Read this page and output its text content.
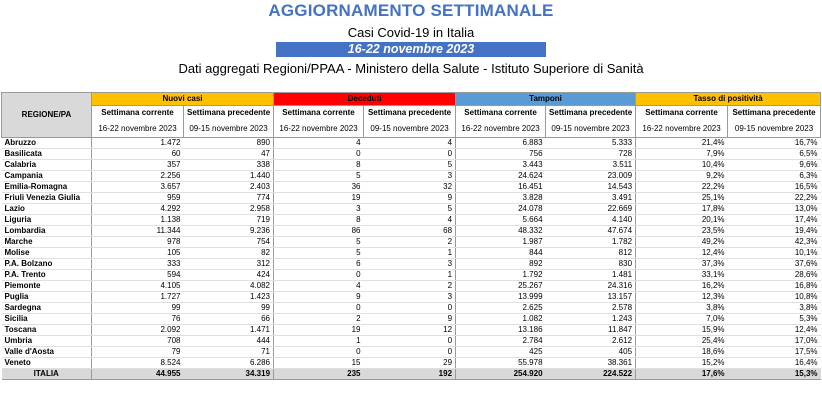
AGGIORNAMENTO SETTIMANALE
Casi Covid-19 in Italia
16-22 novembre 2023
Dati aggregati Regioni/PPAA - Ministero della Salute - Istituto Superiore di Sanità
REGIONE/PA	Nuovi casi		Deceduti		Tamponi		Tasso di positività	
	Settimana corrente	Settimana precedente	Settimana corrente	Settimana precedente	Settimana corrente	Settimana precedente	Settimana corrente	Settimana precedente
	16-22 novembre 2023	09-15 novembre 2023	16-22 novembre 2023	09-15 novembre 2023	16-22 novembre 2023	09-15 novembre 2023	16-22 novembre 2023	09-15 novembre 2023
Abruzzo	1.472	890	4	4	6.883	5.333	21,4%	16,7%
Basilicata	60	47	0	0	756	728	7,9%	6,5%
Calabria	357	338	8	5	3.443	3.511	10,4%	9,6%
Campania	2.256	1.440	5	3	24.624	23.009	9,2%	6,3%
Emilia-Romagna	3.657	2.403	36	32	16.451	14.543	22,2%	16,5%
Friuli Venezia Giulia	959	774	19	9	3.828	3.491	25,1%	22,2%
Lazio	4.292	2.958	3	5	24.078	22.669	17,8%	13,0%
Liguria	1.138	719	8	4	5.664	4.140	20,1%	17,4%
Lombardia	11.344	9.236	86	68	48.332	47.674	23,5%	19,4%
Marche	978	754	5	2	1.987	1.782	49,2%	42,3%
Molise	105	82	5	1	844	812	12,4%	10,1%
P.A. Bolzano	333	312	6	3	892	830	37,3%	37,6%
P.A. Trento	594	424	0	1	1.792	1.481	33,1%	28,6%
Piemonte	4.105	4.082	4	2	25.267	24.316	16,2%	16,8%
Puglia	1.727	1.423	9	3	13.999	13.157	12,3%	10,8%
Sardegna	99	99	0	0	2.625	2.578	3,8%	3,8%
Sicilia	76	66	2	9	1.082	1.243	7,0%	5,3%
Toscana	2.092	1.471	19	12	13.186	11.847	15,9%	12,4%
Umbria	708	444	1	0	2.784	2.612	25,4%	17,0%
Valle d'Aosta	79	71	0	0	425	405	18,6%	17,5%
Veneto	8.524	6.286	15	29	55.978	38.361	15,2%	16,4%
ITALIA	44.955	34.319	235	192	254.920	224.522	17,6%	15,3%
